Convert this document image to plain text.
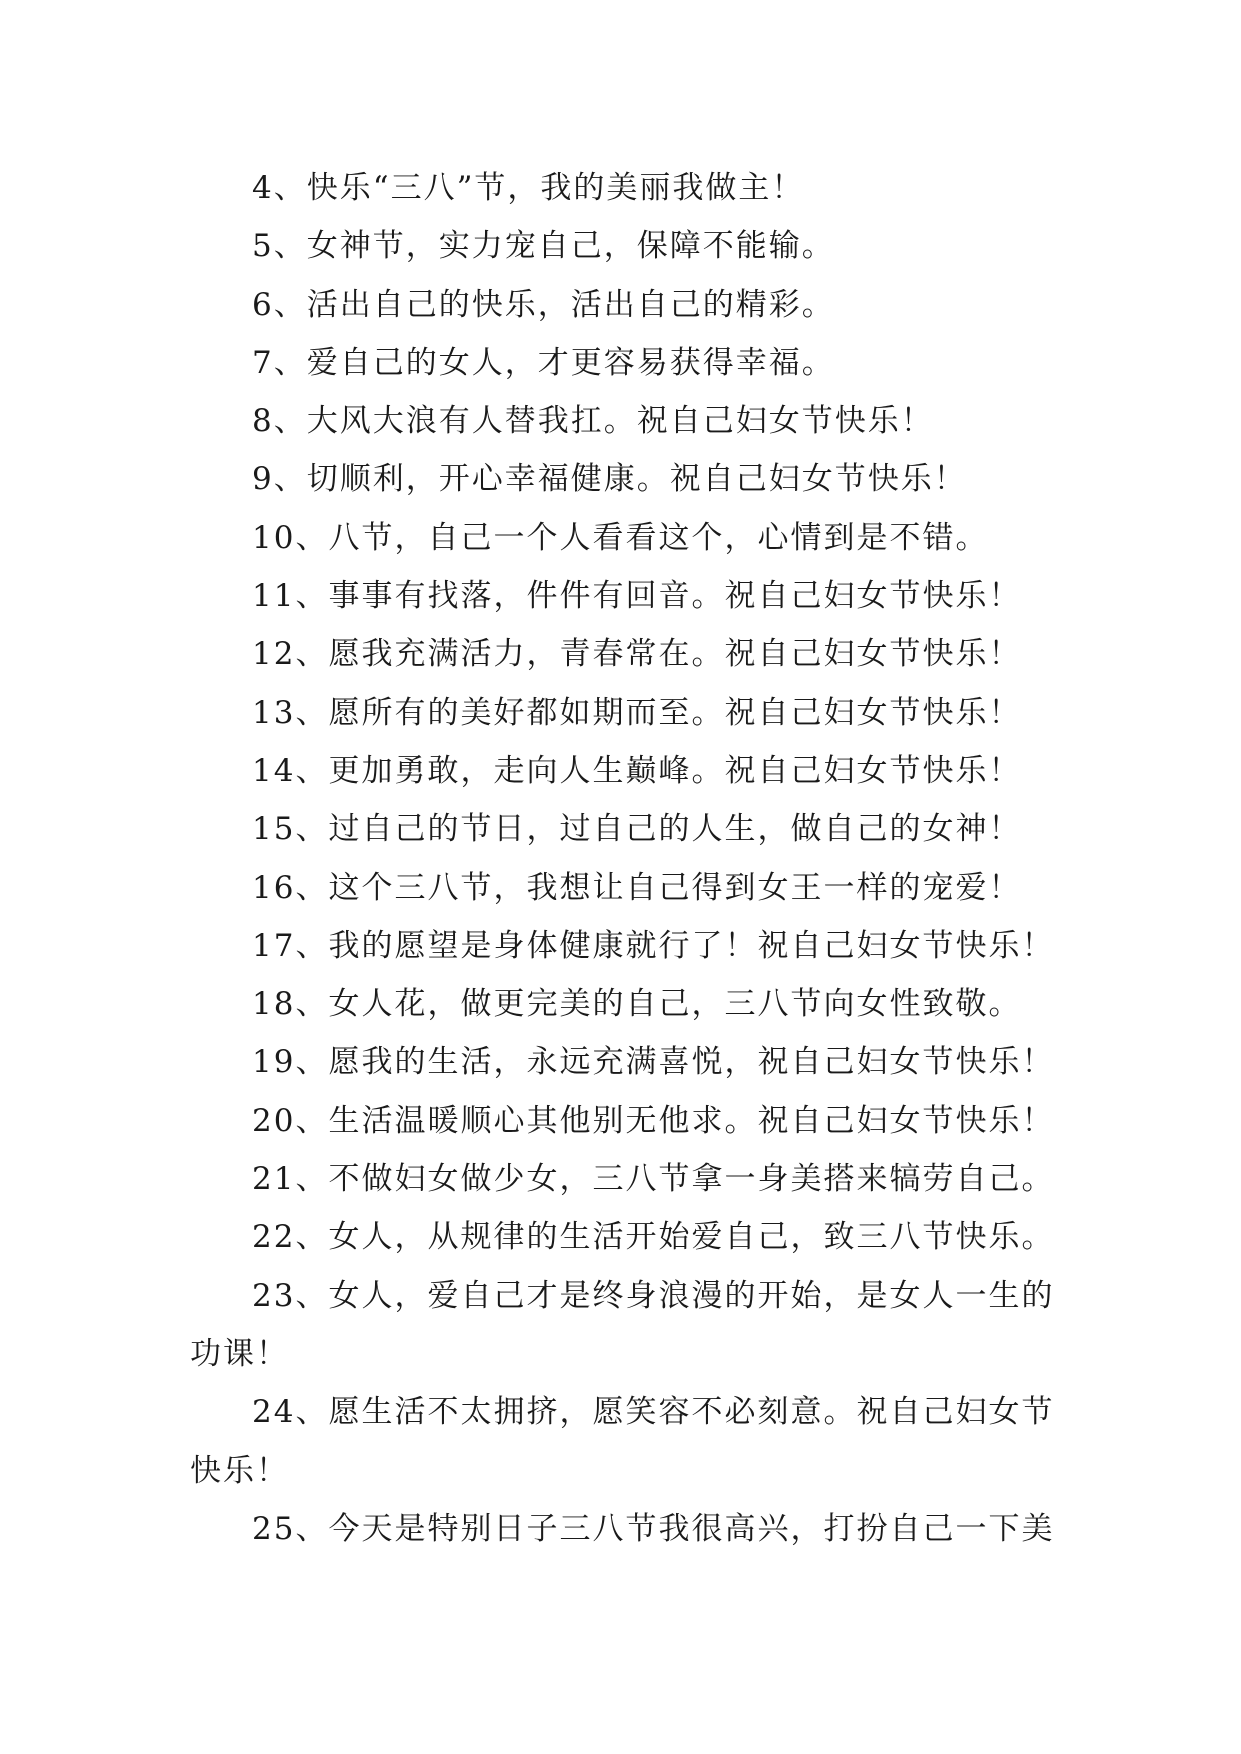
4、快乐“三八”节，我的美丽我做主！

5、女神节，实力宠自己，保障不能输。

6、活出自己的快乐，活出自己的精彩。

7、爱自己的女人，才更容易获得幸福。

8、大风大浪有人替我扛。祝自己妇女节快乐！

9、切顺利，开心幸福健康。祝自己妇女节快乐！

10、八节，自己一个人看看这个，心情到是不错。

11、事事有找落，件件有回音。祝自己妇女节快乐！

12、愿我充满活力，青春常在。祝自己妇女节快乐！

13、愿所有的美好都如期而至。祝自己妇女节快乐！

14、更加勇敢，走向人生巅峰。祝自己妇女节快乐！

15、过自己的节日，过自己的人生，做自己的女神！

16、这个三八节，我想让自己得到女王一样的宠爱！

17、我的愿望是身体健康就行了！祝自己妇女节快乐！

18、女人花，做更完美的自己，三八节向女性致敬。

19、愿我的生活，永远充满喜悦，祝自己妇女节快乐！

20、生活温暖顺心其他别无他求。祝自己妇女节快乐！

21、不做妇女做少女，三八节拿一身美搭来犒劳自己。

22、女人，从规律的生活开始爱自己，致三八节快乐。

23、女人，爱自己才是终身浪漫的开始，是女人一生的功课！

24、愿生活不太拥挤，愿笑容不必刻意。祝自己妇女节快乐！

25、今天是特别日子三八节我很高兴，打扮自己一下美
